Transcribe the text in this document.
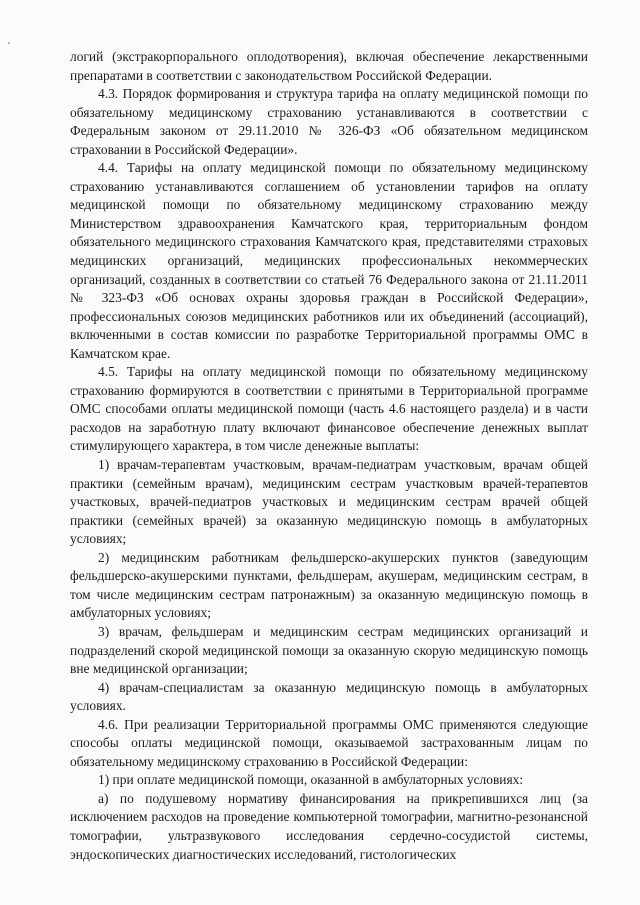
логий (экстракорпорального оплодотворения), включая обеспечение лекарственными препаратами в соответствии с законодательством Российской Федерации.

4.3. Порядок формирования и структура тарифа на оплату медицинской помощи по обязательному медицинскому страхованию устанавливаются в соответствии с Федеральным законом от 29.11.2010 № 326-ФЗ «Об обязательном медицинском страховании в Российской Федерации».

4.4. Тарифы на оплату медицинской помощи по обязательному медицинскому страхованию устанавливаются соглашением об установлении тарифов на оплату медицинской помощи по обязательному медицинскому страхованию между Министерством здравоохранения Камчатского края, территориальным фондом обязательного медицинского страхования Камчатского края, представителями страховых медицинских организаций, медицинских профессиональных некоммерческих организаций, созданных в соответствии со статьей 76 Федерального закона от 21.11.2011 № 323-ФЗ «Об основах охраны здоровья граждан в Российской Федерации», профессиональных союзов медицинских работников или их объединений (ассоциаций), включенными в состав комиссии по разработке Территориальной программы ОМС в Камчатском крае.

4.5. Тарифы на оплату медицинской помощи по обязательному медицинскому страхованию формируются в соответствии с принятыми в Территориальной программе ОМС способами оплаты медицинской помощи (часть 4.6 настоящего раздела) и в части расходов на заработную плату включают финансовое обеспечение денежных выплат стимулирующего характера, в том числе денежные выплаты:

1) врачам-терапевтам участковым, врачам-педиатрам участковым, врачам общей практики (семейным врачам), медицинским сестрам участковым врачей-терапевтов участковых, врачей-педиатров участковых и медицинским сестрам врачей общей практики (семейных врачей) за оказанную медицинскую помощь в амбулаторных условиях;

2) медицинским работникам фельдшерско-акушерских пунктов (заведующим фельдшерско-акушерскими пунктами, фельдшерам, акушерам, медицинским сестрам, в том числе медицинским сестрам патронажным) за оказанную медицинскую помощь в амбулаторных условиях;

3) врачам, фельдшерам и медицинским сестрам медицинских организаций и подразделений скорой медицинской помощи за оказанную скорую медицинскую помощь вне медицинской организации;

4) врачам-специалистам за оказанную медицинскую помощь в амбулаторных условиях.

4.6. При реализации Территориальной программы ОМС применяются следующие способы оплаты медицинской помощи, оказываемой застрахованным лицам по обязательному медицинскому страхованию в Российской Федерации:

1) при оплате медицинской помощи, оказанной в амбулаторных условиях:

а) по подушевому нормативу финансирования на прикрепившихся лиц (за исключением расходов на проведение компьютерной томографии, магнитно-резонансной томографии, ультразвукового исследования сердечно-сосудистой системы, эндоскопических диагностических исследований, гистологических
